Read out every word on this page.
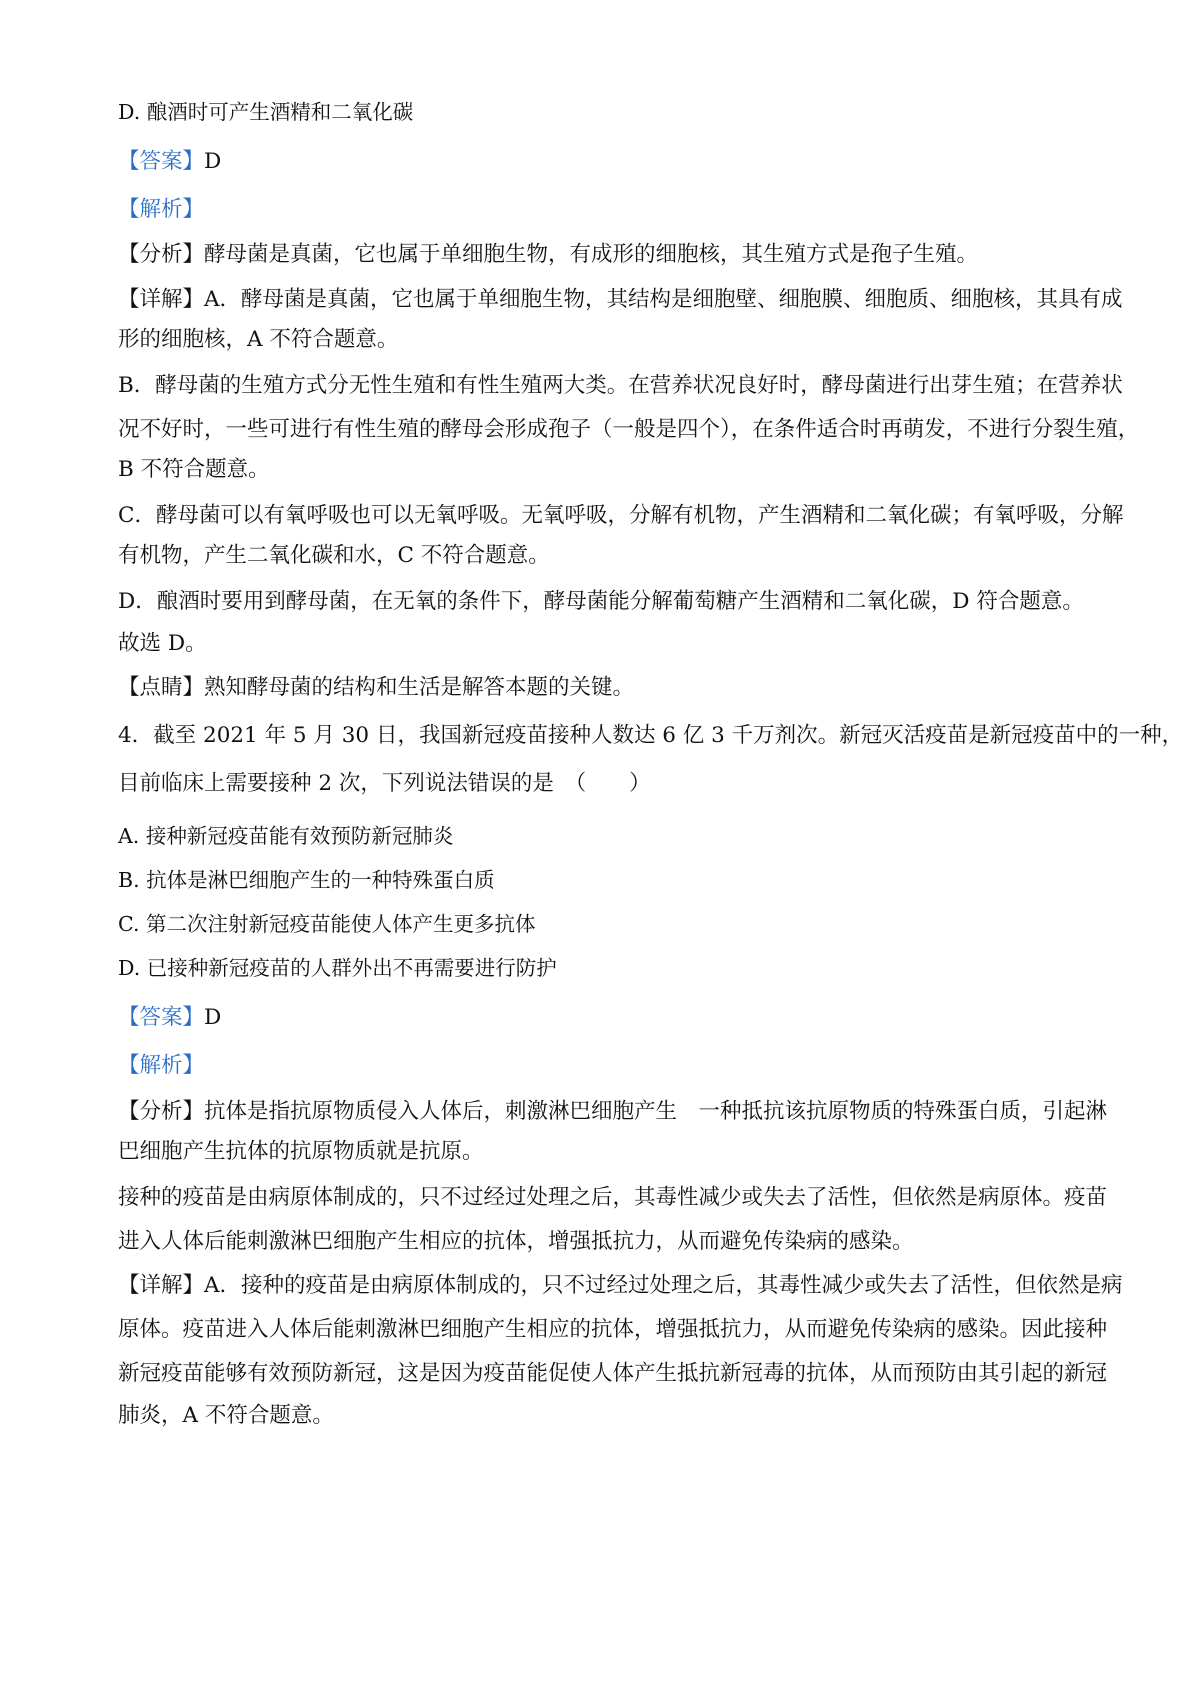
D. 酿酒时可产生酒精和二氧化碳
【答案】D
【解析】
【分析】酵母菌是真菌，它也属于单细胞生物，有成形的细胞核，其生殖方式是孢子生殖。
【详解】A．酵母菌是真菌，它也属于单细胞生物，其结构是细胞壁、细胞膜、细胞质、细胞核，其具有成
形的细胞核，A 不符合题意。
B．酵母菌的生殖方式分无性生殖和有性生殖两大类。在营养状况良好时，酵母菌进行出芽生殖；在营养状
况不好时，一些可进行有性生殖的酵母会形成孢子（一般是四个），在条件适合时再萌发，不进行分裂生殖，
B 不符合题意。
C．酵母菌可以有氧呼吸也可以无氧呼吸。无氧呼吸，分解有机物，产生酒精和二氧化碳；有氧呼吸，分解
有机物，产生二氧化碳和水，C 不符合题意。
D．酿酒时要用到酵母菌，在无氧的条件下，酵母菌能分解葡萄糖产生酒精和二氧化碳，D 符合题意。
故选 D。
【点睛】熟知酵母菌的结构和生活是解答本题的关键。
4．截至 2021 年 5 月 30 日，我国新冠疫苗接种人数达 6 亿 3 千万剂次。新冠灭活疫苗是新冠疫苗中的一种，
目前临床上需要接种 2 次，下列说法错误的是　（　　）
A. 接种新冠疫苗能有效预防新冠肺炎
B. 抗体是淋巴细胞产生的一种特殊蛋白质
C. 第二次注射新冠疫苗能使人体产生更多抗体
D. 已接种新冠疫苗的人群外出不再需要进行防护
【答案】D
【解析】
【分析】抗体是指抗原物质侵入人体后，刺激淋巴细胞产生　一种抵抗该抗原物质的特殊蛋白质，引起淋
巴细胞产生抗体的抗原物质就是抗原。
接种的疫苗是由病原体制成的，只不过经过处理之后，其毒性减少或失去了活性，但依然是病原体。疫苗
进入人体后能刺激淋巴细胞产生相应的抗体，增强抵抗力，从而避免传染病的感染。
【详解】A．接种的疫苗是由病原体制成的，只不过经过处理之后，其毒性减少或失去了活性，但依然是病
原体。疫苗进入人体后能刺激淋巴细胞产生相应的抗体，增强抵抗力，从而避免传染病的感染。因此接种
新冠疫苗能够有效预防新冠，这是因为疫苗能促使人体产生抵抗新冠毒的抗体，从而预防由其引起的新冠
肺炎，A 不符合题意。
